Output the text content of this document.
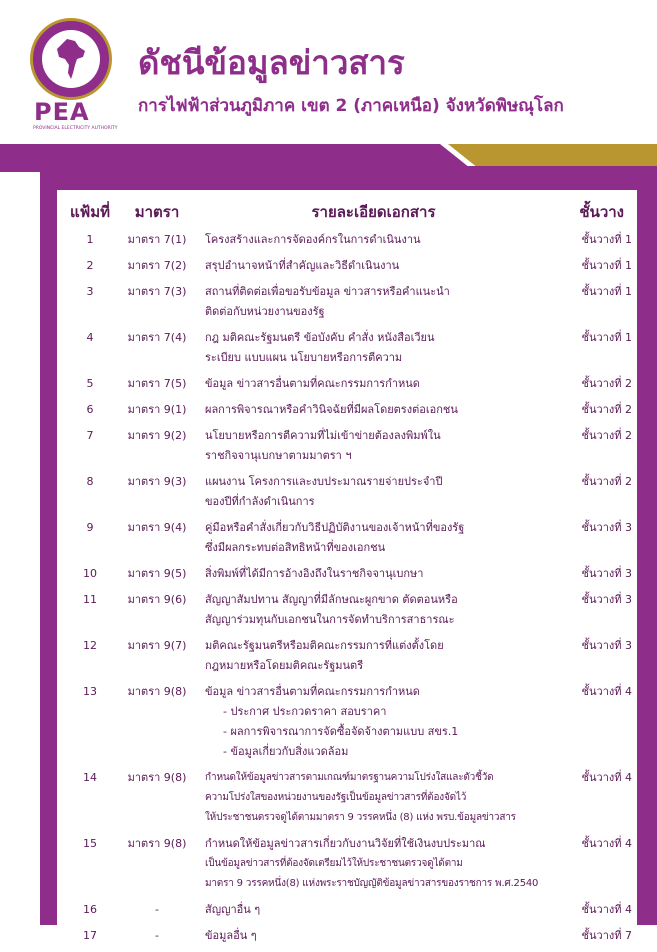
PEA
PROVINCIAL ELECTRICITY AUTHORITY
ดัชนีข้อมูลข่าวสาร
การไฟฟ้าส่วนภูมิภาค เขต 2 (ภาคเหนือ) จังหวัดพิษณุโลก
แฟ้มที่	มาตรา	รายละเอียดเอกสาร	ชั้นวาง
1	มาตรา 7(1)	โครงสร้างและการจัดองค์กรในการดำเนินงาน	ชั้นวางที่ 1
2	มาตรา 7(2)	สรุปอำนาจหน้าที่สำคัญและวิธีดำเนินงาน	ชั้นวางที่ 1
3	มาตรา 7(3)	สถานที่ติดต่อเพื่อขอรับข้อมูล ข่าวสารหรือคำแนะนำ
ติดต่อกับหน่วยงานของรัฐ	ชั้นวางที่ 1
4	มาตรา 7(4)	กฎ มติคณะรัฐมนตรี ข้อบังคับ คำสั่ง หนังสือเวียน
ระเบียบ แบบแผน นโยบายหรือการตีความ	ชั้นวางที่ 1
5	มาตรา 7(5)	ข้อมูล ข่าวสารอื่นตามที่คณะกรรมการกำหนด	ชั้นวางที่ 2
6	มาตรา 9(1)	ผลการพิจารณาหรือคำวินิจฉัยที่มีผลโดยตรงต่อเอกชน	ชั้นวางที่ 2
7	มาตรา 9(2)	นโยบายหรือการตีความที่ไม่เข้าข่ายต้องลงพิมพ์ใน
ราชกิจจานุเบกษาตามมาตรา ฯ	ชั้นวางที่ 2
8	มาตรา 9(3)	แผนงาน โครงการและงบประมาณรายจ่ายประจำปี
ของปีที่กำลังดำเนินการ	ชั้นวางที่ 2
9	มาตรา 9(4)	คู่มือหรือคำสั่งเกี่ยวกับวิธีปฏิบัติงานของเจ้าหน้าที่ของรัฐ
ซึ่งมีผลกระทบต่อสิทธิหน้าที่ของเอกชน	ชั้นวางที่ 3
10	มาตรา 9(5)	สิ่งพิมพ์ที่ได้มีการอ้างอิงถึงในราชกิจจานุเบกษา	ชั้นวางที่ 3
11	มาตรา 9(6)	สัญญาสัมปทาน สัญญาที่มีลักษณะผูกขาด ตัดตอนหรือ
สัญญาร่วมทุนกับเอกชนในการจัดทำบริการสาธารณะ	ชั้นวางที่ 3
12	มาตรา 9(7)	มติคณะรัฐมนตรีหรือมติคณะกรรมการที่แต่งตั้งโดย
กฎหมายหรือโดยมติคณะรัฐมนตรี	ชั้นวางที่ 3
13	มาตรา 9(8)	ข้อมูล ข่าวสารอื่นตามที่คณะกรรมการกำหนด
- ประกาศ ประกวดราคา สอบราคา
- ผลการพิจารณาการจัดซื้อจัดจ้างตามแบบ สขร.1
- ข้อมูลเกี่ยวกับสิ่งแวดล้อม	ชั้นวางที่ 4
14	มาตรา 9(8)	กำหนดให้ข้อมูลข่าวสารตามเกณฑ์มาตรฐานความโปร่งใสและตัวชี้วัด
ความโปร่งใสของหน่วยงานของรัฐเป็นข้อมูลข่าวสารที่ต้องจัดไว้
ให้ประชาชนตรวจดูได้ตามมาตรา 9 วรรคหนึ่ง (8) แห่ง พรบ.ข้อมูลข่าวสาร	ชั้นวางที่ 4
15	มาตรา 9(8)	กำหนดให้ข้อมูลข่าวสารเกี่ยวกับงานวิจัยที่ใช้เงินงบประมาณ
เป็นข้อมูลข่าวสารที่ต้องจัดเตรียมไว้ให้ประชาชนตรวจดูได้ตาม
มาตรา 9 วรรคหนึ่ง(8) แห่งพระราชบัญญัติข้อมูลข่าวสารของราชการ พ.ศ.2540	ชั้นวางที่ 4
16	-	สัญญาอื่น ๆ	ชั้นวางที่ 4
17	-	ข้อมูลอื่น ๆ	ชั้นวางที่ 7
